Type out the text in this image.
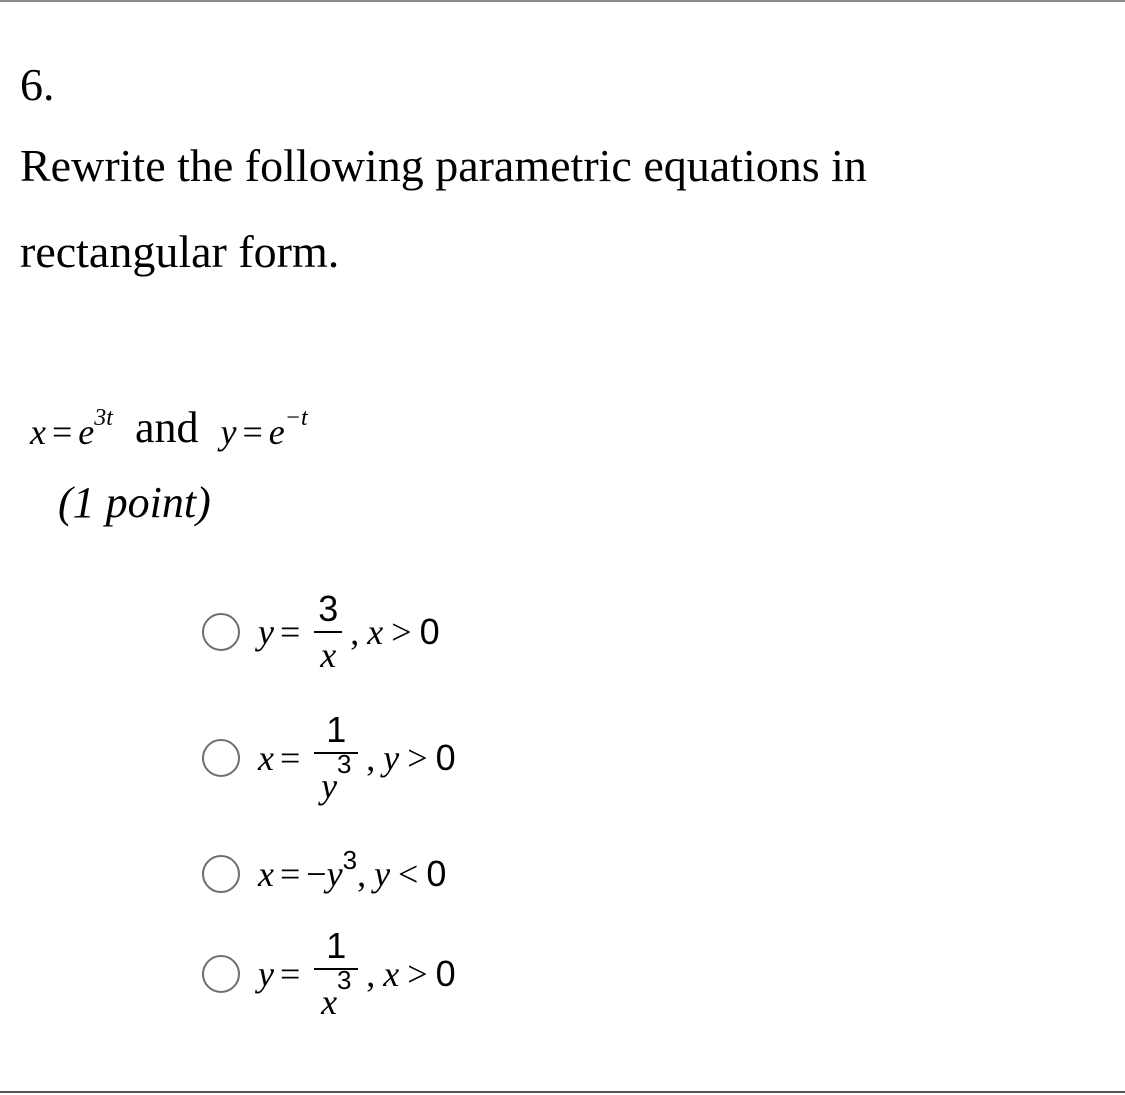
6.
Rewrite the following parametric equations in
rectangular form.
$x = e^{3t}$ and $y = e^{-t}$
(1 point)
$y = \frac{3}{x}$ , x > 0
$x = \frac{1}{y^3}$ , y > 0
x = − $y^3$ , y < 0
$y = \frac{1}{x^3}$ , x > 0
